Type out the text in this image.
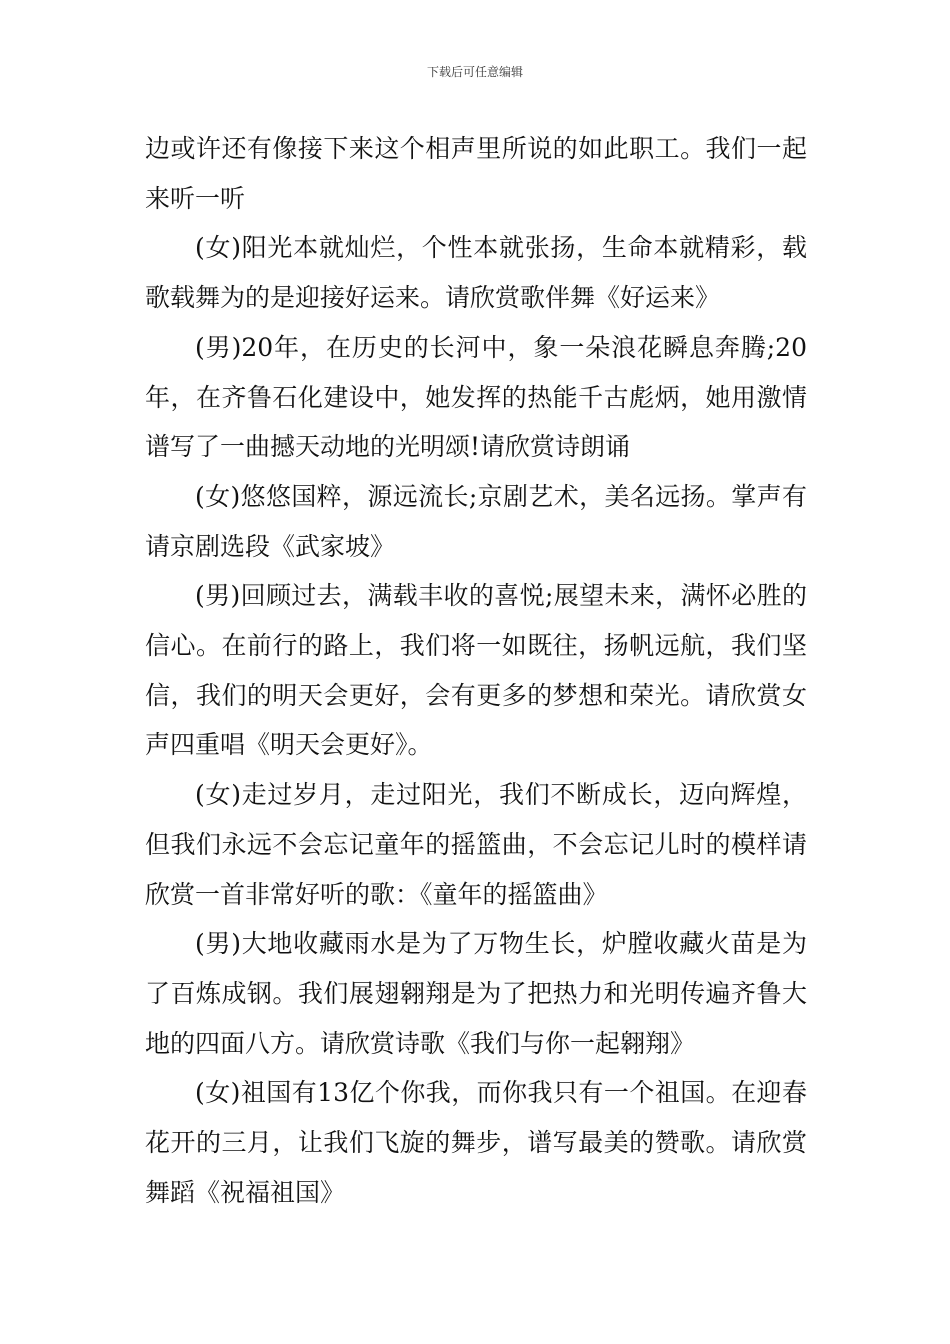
下载后可任意编辑

边或许还有像接下来这个相声里所说的如此职工。我们一起来听一听

(女)阳光本就灿烂，个性本就张扬，生命本就精彩，载歌载舞为的是迎接好运来。请欣赏歌伴舞《好运来》

(男)20年，在历史的长河中，象一朵浪花瞬息奔腾;20年，在齐鲁石化建设中，她发挥的热能千古彪炳，她用激情谱写了一曲撼天动地的光明颂!请欣赏诗朗诵

(女)悠悠国粹，源远流长;京剧艺术，美名远扬。掌声有请京剧选段《武家坡》

(男)回顾过去，满载丰收的喜悦;展望未来，满怀必胜的信心。在前行的路上，我们将一如既往，扬帆远航，我们坚信，我们的明天会更好，会有更多的梦想和荣光。请欣赏女声四重唱《明天会更好》。

(女)走过岁月，走过阳光，我们不断成长，迈向辉煌，但我们永远不会忘记童年的摇篮曲，不会忘记儿时的模样请欣赏一首非常好听的歌：《童年的摇篮曲》

(男)大地收藏雨水是为了万物生长，炉膛收藏火苗是为了百炼成钢。我们展翅翱翔是为了把热力和光明传遍齐鲁大地的四面八方。请欣赏诗歌《我们与你一起翱翔》

(女)祖国有13亿个你我，而你我只有一个祖国。在迎春花开的三月，让我们飞旋的舞步，谱写最美的赞歌。请欣赏舞蹈《祝福祖国》
